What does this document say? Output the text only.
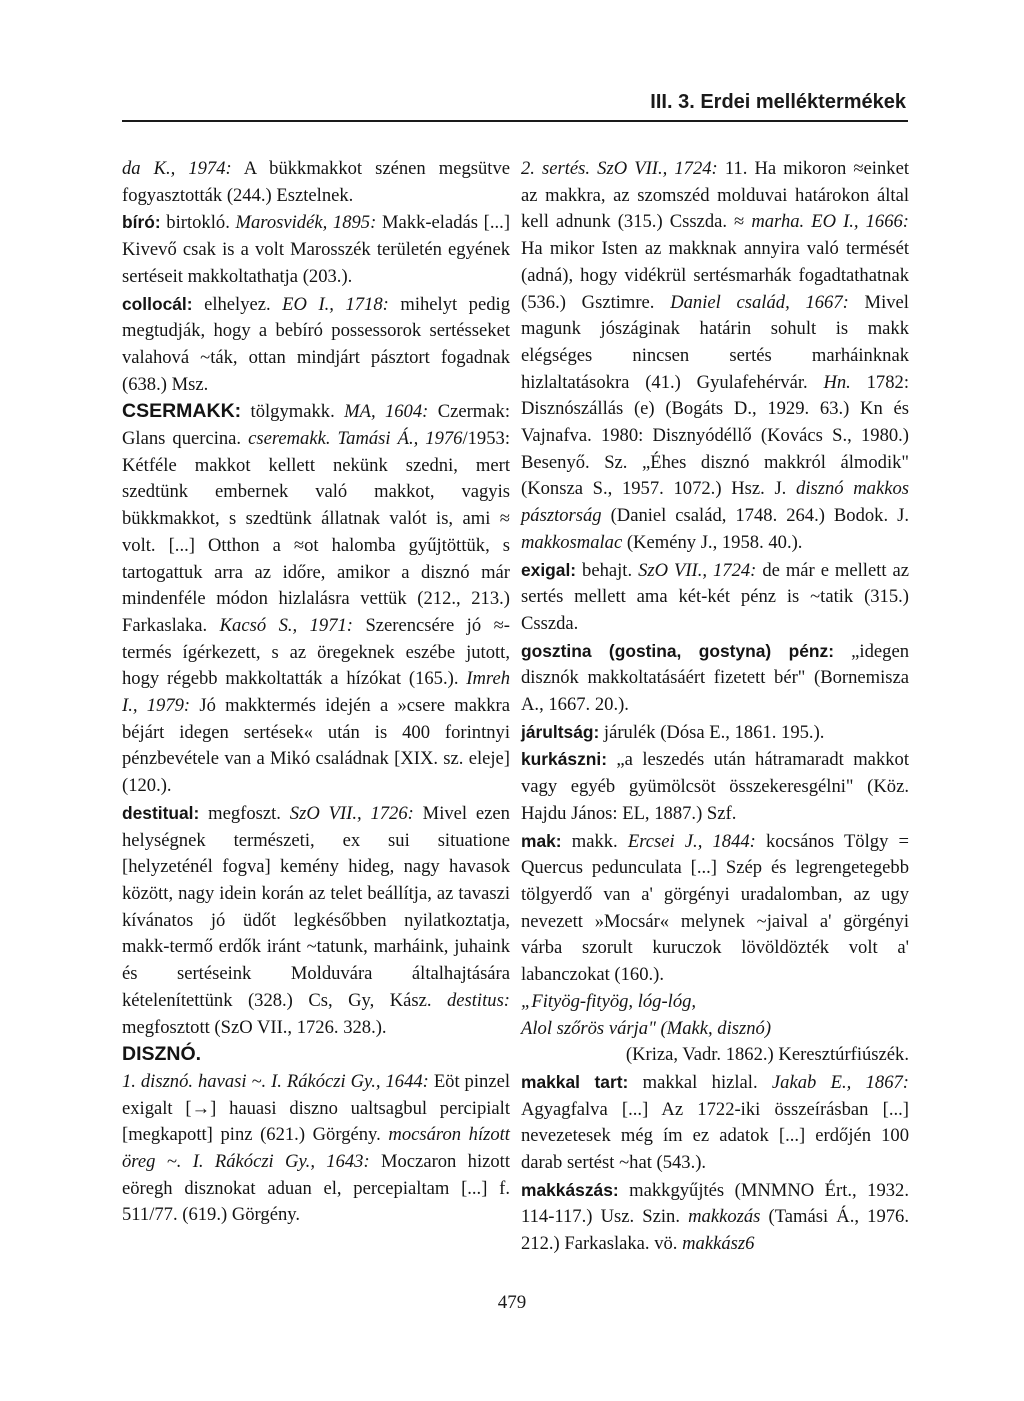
III. 3. Erdei melléktermékek

da K., 1974: A bükkmakkot szénen megsütve fogyasztották (244.) Esztelnek.

bíró: birtokló. Marosvidék, 1895: Makk-eladás [...] Kivevő csak is a volt Marosszék területén egyének sertéseit makkoltathatja (203.).

collocál: elhelyez. EO I., 1718: mihelyt pedig megtudják, hogy a bebíró possessorok sertésseket valahová ~ták, ottan mindjárt pásztort fogadnak (638.) Msz.

CSERMAKK: tölgymakk. MA, 1604: Czermak: Glans quercina. cseremakk. Tamási Á., 1976/1953: Kétféle makkot kellett nekünk szedni, mert szedtünk embernek való makkot, vagyis bükkmakkot, s szedtünk állatnak valót is, ami ≈ volt. [...] Otthon a ≈ot halomba gyűjtöttük, s tartogattuk arra az időre, amikor a disznó már mindenféle módon hizlalásra vettük (212., 213.) Farkaslaka. Kacsó S., 1971: Szerencsére jó ≈-termés ígérkezett, s az öregeknek eszébe jutott, hogy régebb makkoltatták a hízókat (165.). Imreh I., 1979: Jó makktermés idején a »csere makkra béjárt idegen sertések« után is 400 forintnyi pénzbevétele van a Mikó családnak [XIX. sz. eleje] (120.).

destitual: megfoszt. SzO VII., 1726: Mivel ezen helységnek természeti, ex sui situatione [helyzeténél fogva] kemény hideg, nagy havasok között, nagy idein korán az telet beállítja, az tavaszi kívánatos jó üdőt legkésőbben nyilatkoztatja, makk-termő erdők iránt ~tatunk, marháink, juhaink és sertéseink Molduvára általhajtására kételenítettünk (328.) Cs, Gy, Kász. destitus: megfosztott (SzO VII., 1726. 328.).

DISZNÓ.

1. disznó. havasi ~. I. Rákóczi Gy., 1644: Eöt pinzel exigalt [→] hauasi diszno ualtsagbul percipialt [megkapott] pinz (621.) Görgény. mocsáron hízott öreg ~. I. Rákóczi Gy., 1643: Moczaron hizott eöregh disznokat aduan el, percepialtam [...] f. 511/77. (619.) Görgény.

2. sertés. SzO VII., 1724: 11. Ha mikoron ≈einket az makkra, az szomszéd molduvai határokon által kell adnunk (315.) Csszda. ≈ marha. EO I., 1666: Ha mikor Isten az makknak annyira való termését (adná), hogy vidékrül sertésmarhák fogadtathatnak (536.) Gsztimre. Daniel család, 1667: Mivel magunk jószáginak határin sohult is makk elégséges nincsen sertés marháinknak hizlaltatásokra (41.) Gyulafehérvár. Hn. 1782: Disznószállás (e) (Bogáts D., 1929. 63.) Kn és Vajnafva. 1980: Disznyódéllő (Kovács S., 1980.) Besenyő. Sz. „Éhes disznó makkról álmodik" (Konsza S., 1957. 1072.) Hsz. J. disznó makkos pásztorság (Daniel család, 1748. 264.) Bodok. J. makkosmalac (Kemény J., 1958. 40.).

exigal: behajt. SzO VII., 1724: de már e mellett az sertés mellett ama két-két pénz is ~tatik (315.) Csszda.

gosztina (gostina, gostyna) pénz: „idegen disznók makkoltatásáért fizetett bér" (Bornemisza A., 1667. 20.).

járultság: járulék (Dósa E., 1861. 195.).

kurkászni: „a leszedés után hátramaradt makkot vagy egyéb gyümölcsöt összekeresgélni" (Köz. Hajdu János: EL, 1887.) Szf.

mak: makk. Ercsei J., 1844: kocsános Tölgy = Quercus pedunculata [...] Szép és legrengetegebb tölgyerdő van a' görgényi uradalomban, az ugy nevezett »Mocsár« melynek ~jaival a' görgényi várba szorult kuruczok lövöldözték volt a' labanczokat (160.).

„Fityög-fityög, lóg-lóg,

Alol szőrös várja" (Makk, disznó)

(Kriza, Vadr. 1862.) Keresztúrfiúszék.

makkal tart: makkal hizlal. Jakab E., 1867: Agyagfalva [...] Az 1722-iki összeírásban [...] nevezetesek még ím ez adatok [...] erdőjén 100 darab sertést ~hat (543.).

makkászás: makkgyűjtés (MNMNO Ért., 1932. 114-117.) Usz. Szin. makkozás (Tamási Á., 1976. 212.) Farkaslaka. vö. makkász6

479
